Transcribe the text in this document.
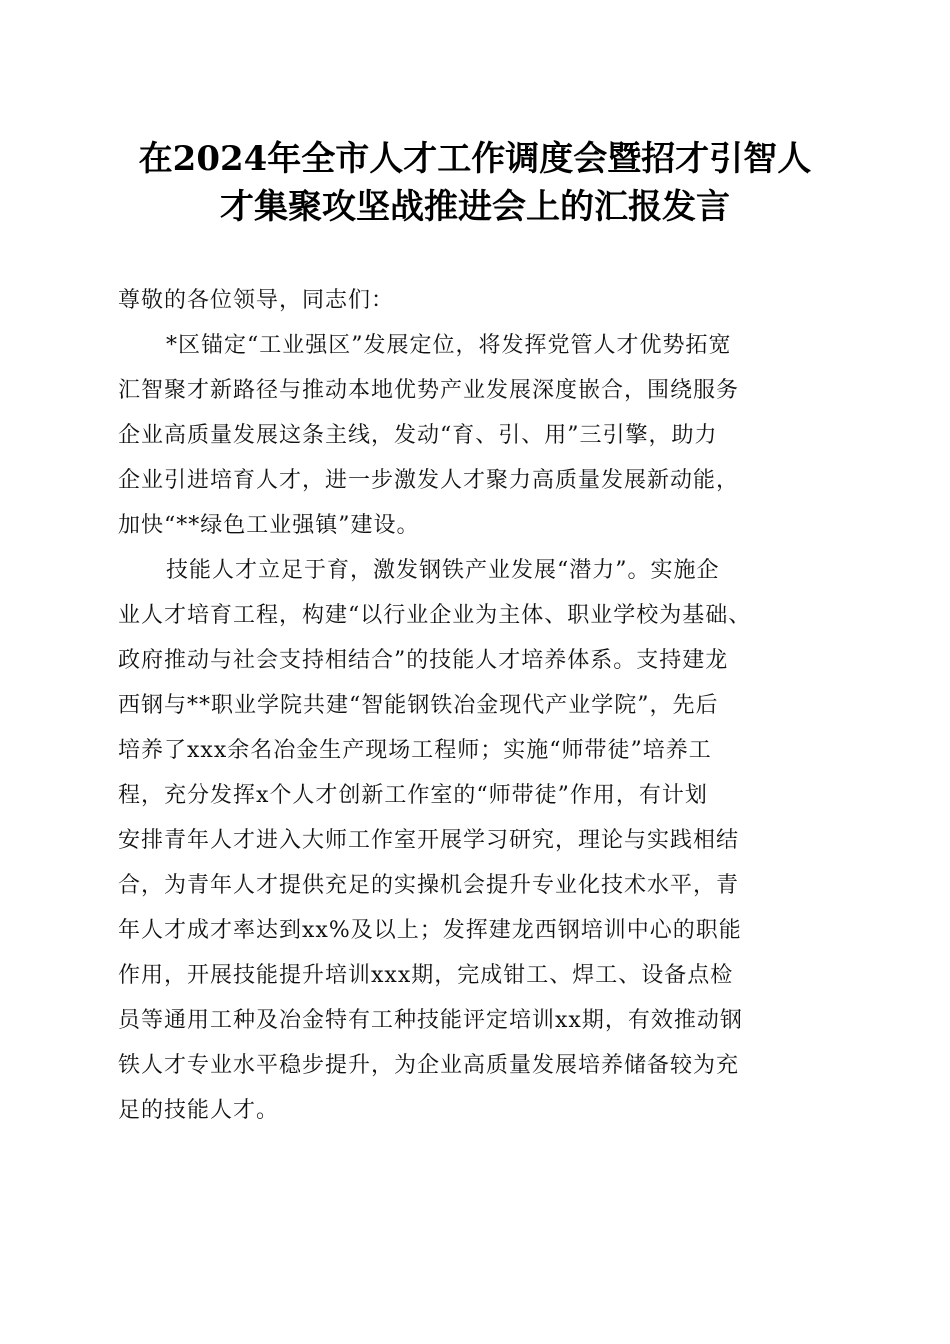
在2024年全市人才工作调度会暨招才引智人
才集聚攻坚战推进会上的汇报发言
尊敬的各位领导，同志们：
*区锚定“工业强区”发展定位，将发挥党管人才优势拓宽
汇智聚才新路径与推动本地优势产业发展深度嵌合，围绕服务
企业高质量发展这条主线，发动“育、引、用”三引擎，助力
企业引进培育人才，进一步激发人才聚力高质量发展新动能，
加快“**绿色工业强镇”建设。
技能人才立足于育，激发钢铁产业发展“潜力”。实施企
业人才培育工程，构建“以行业企业为主体、职业学校为基础、
政府推动与社会支持相结合”的技能人才培养体系。支持建龙
西钢与**职业学院共建“智能钢铁冶金现代产业学院”，先后
培养了xxx余名冶金生产现场工程师；实施“师带徒”培养工
程，充分发挥x个人才创新工作室的“师带徒”作用，有计划
安排青年人才进入大师工作室开展学习研究，理论与实践相结
合，为青年人才提供充足的实操机会提升专业化技术水平，青
年人才成才率达到xx%及以上；发挥建龙西钢培训中心的职能
作用，开展技能提升培训xxx期，完成钳工、焊工、设备点检
员等通用工种及冶金特有工种技能评定培训xx期，有效推动钢
铁人才专业水平稳步提升，为企业高质量发展培养储备较为充
足的技能人才。
